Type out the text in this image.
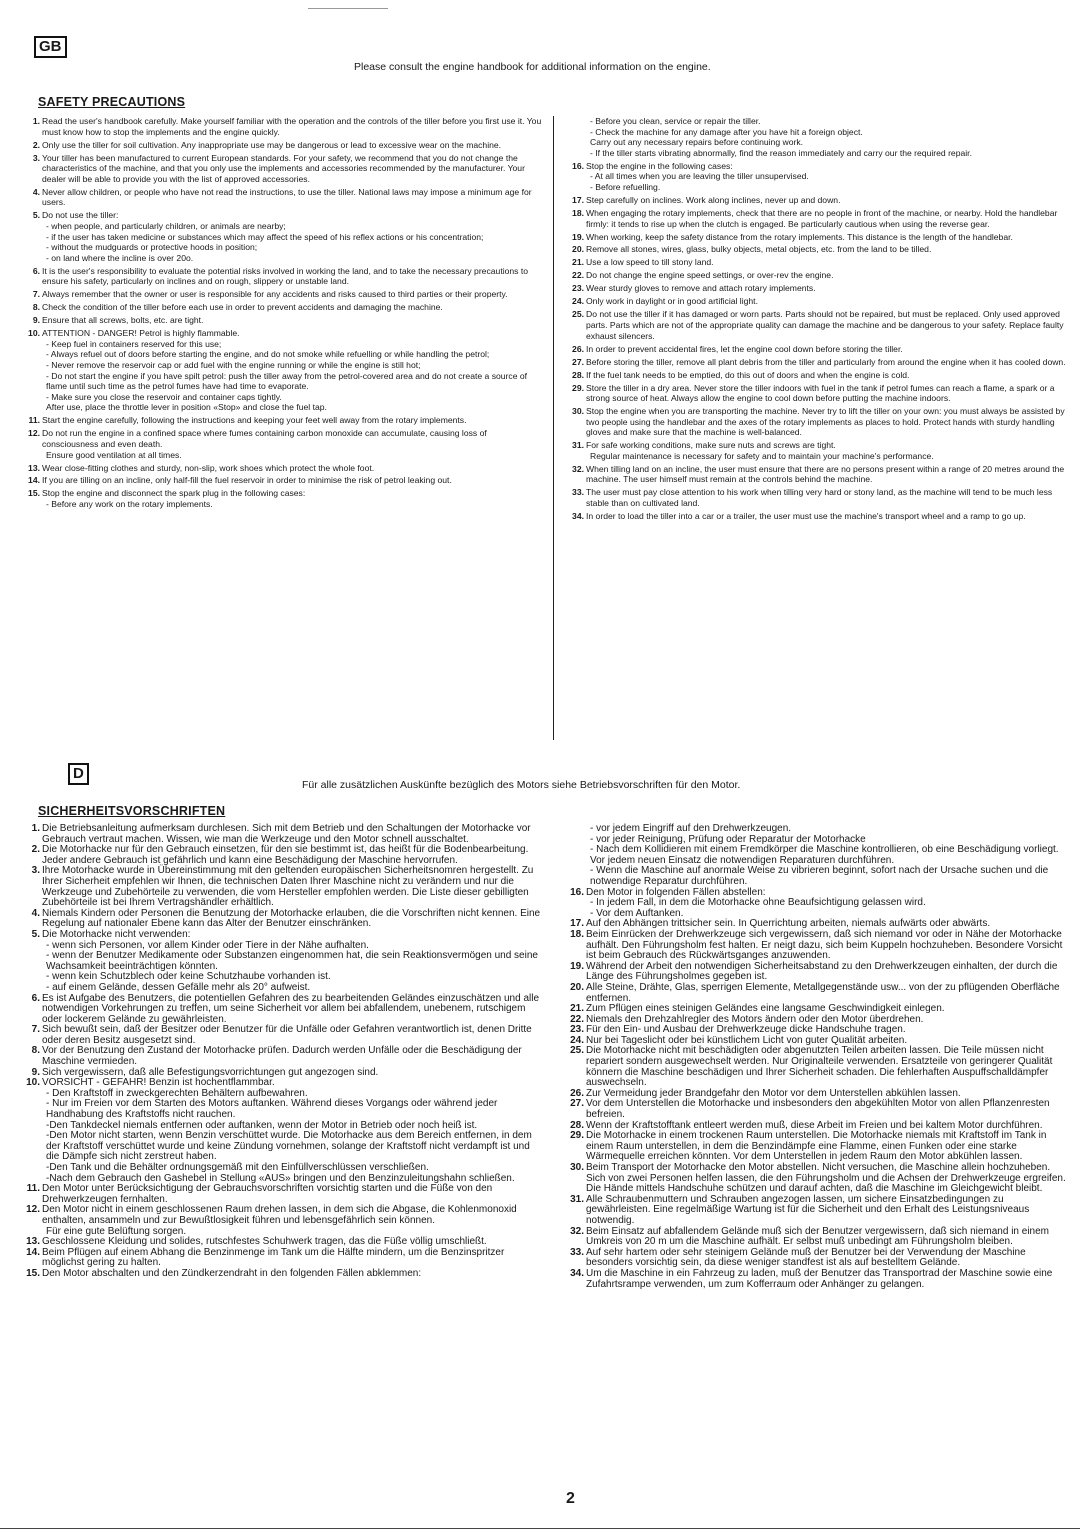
GB
Please consult the engine handbook for additional information on the engine.
SAFETY PRECAUTIONS
1. Read the user's handbook carefully. Make yourself familiar with the operation and the controls of the tiller before you first use it. You must know how to stop the implements and the engine quickly.
2. Only use the tiller for soil cultivation. Any inappropriate use may be dangerous or lead to excessive wear on the machine.
3. Your tiller has been manufactured to current European standards. For your safety, we recommend that you do not change the characteristics of the machine, and that you only use the implements and accessories recommended by the manufacturer. Your dealer will be able to provide you with the list of approved accessories.
4. Never allow children, or people who have not read the instructions, to use the tiller. National laws may impose a minimum age for users.
5. Do not use the tiller:
- when people, and particularly children, or animals are nearby;
- if the user has taken medicine or substances which may affect the speed of his reflex actions or his concentration;
- without the mudguards or protective hoods in position;
- on land where the incline is over 20o.
6. It is the user's responsibility to evaluate the potential risks involved in working the land, and to take the necessary precautions to ensure his safety, particularly on inclines and on rough, slippery or unstable land.
7. Always remember that the owner or user is responsible for any accidents and risks caused to third parties or their property.
8. Check the condition of the tiller before each use in order to prevent accidents and damaging the machine.
9. Ensure that all screws, bolts, etc. are tight.
10. ATTENTION - DANGER! Petrol is highly flammable.
- Keep fuel in containers reserved for this use;
- Always refuel out of doors before starting the engine, and do not smoke while refuelling or while handling the petrol;
- Never remove the reservoir cap or add fuel with the engine running or while the engine is still hot;
- Do not start the engine if you have spilt petrol: push the tiller away from the petrol-covered area and do not create a source of flame until such time as the petrol fumes have had time to evaporate.
- Make sure you close the reservoir and container caps tightly.
After use, place the throttle lever in position «Stop» and close the fuel tap.
11. Start the engine carefully, following the instructions and keeping your feet well away from the rotary implements.
12. Do not run the engine in a confined space where fumes containing carbon monoxide can accumulate, causing loss of consciousness and even death.
Ensure good ventilation at all times.
13. Wear close-fitting clothes and sturdy, non-slip, work shoes which protect the whole foot.
14. If you are tilling on an incline, only half-fill the fuel reservoir in order to minimise the risk of petrol leaking out.
15. Stop the engine and disconnect the spark plug in the following cases:
- Before any work on the rotary implements.
- Before you clean, service or repair the tiller.
- Check the machine for any damage after you have hit a foreign object.
Carry out any necessary repairs before continuing work.
- If the tiller starts vibrating abnormally, find the reason immediately and carry our the required repair.
16. Stop the engine in the following cases:
- At all times when you are leaving the tiller unsupervised.
- Before refuelling.
17. Step carefully on inclines. Work along inclines, never up and down.
18. When engaging the rotary implements, check that there are no people in front of the machine, or nearby. Hold the handlebar firmly: it tends to rise up when the clutch is engaged. Be particularly cautious when using the reverse gear.
19. When working, keep the safety distance from the rotary implements. This distance is the length of the handlebar.
20. Remove all stones, wires, glass, bulky objects, metal objects, etc. from the land to be tilled.
21. Use a low speed to till stony land.
22. Do not change the engine speed settings, or over-rev the engine.
23. Wear sturdy gloves to remove and attach rotary implements.
24. Only work in daylight or in good artificial light.
25. Do not use the tiller if it has damaged or worn parts. Parts should not be repaired, but must be replaced. Only used approved parts. Parts which are not of the appropriate quality can damage the machine and be dangerous to your safety. Replace faulty exhaust silencers.
26. In order to prevent accidental fires, let the engine cool down before storing the tiller.
27. Before storing the tiller, remove all plant debris from the tiller and particularly from around the engine when it has cooled down.
28. If the fuel tank needs to be emptied, do this out of doors and when the engine is cold.
29. Store the tiller in a dry area. Never store the tiller indoors with fuel in the tank if petrol fumes can reach a flame, a spark or a strong source of heat. Always allow the engine to cool down before putting the machine indoors.
30. Stop the engine when you are transporting the machine. Never try to lift the tiller on your own: you must always be assisted by two people using the handlebar and the axes of the rotary implements as places to hold. Protect hands with sturdy handling gloves and make sure that the machine is well-balanced.
31. For safe working conditions, make sure nuts and screws are tight.
Regular maintenance is necessary for safety and to maintain your machine's performance.
32. When tilling land on an incline, the user must ensure that there are no persons present within a range of 20 metres around the machine. The user himself must remain at the controls behind the machine.
33. The user must pay close attention to his work when tilling very hard or stony land, as the machine will tend to be much less stable than on cultivated land.
34. In order to load the tiller into a car or a trailer, the user must use the machine's transport wheel and a ramp to go up.
D
Für alle zusätzlichen Auskünfte bezüglich des Motors siehe Betriebsvorschriften für den Motor.
SICHERHEITSVORSCHRIFTEN
1. Die Betriebsanleitung aufmerksam durchlesen. Sich mit dem Betrieb und den Schaltungen der Motorhacke vor Gebrauch vertraut machen. Wissen, wie man die Werkzeuge und den Motor schnell ausschaltet.
2. Die Motorhacke nur für den Gebrauch einsetzen, für den sie bestimmt ist, das heißt für die Bodenbearbeitung. Jeder andere Gebrauch ist gefährlich und kann eine Beschädigung der Maschine hervorrufen.
3. Ihre Motorhacke wurde in Übereinstimmung mit den geltenden europäischen Sicherheitsnomren hergestellt. Zu Ihrer Sicherheit empfehlen wir Ihnen, die technischen Daten Ihrer Maschine nicht zu verändern und nur die Werkzeuge und Zubehörteile zu verwenden, die vom Hersteller empfohlen werden. Die Liste dieser gebilligten Zubehörteile ist bei Ihrem Vertragshändler erhältlich.
4. Niemals Kindern oder Personen die Benutzung der Motorhacke erlauben, die die Vorschriften nicht kennen. Eine Regelung auf nationaler Ebene kann das Alter der Benutzer einschränken.
5. Die Motorhacke nicht verwenden:
- wenn sich Personen, vor allem Kinder oder Tiere in der Nähe aufhalten.
- wenn der Benutzer Medikamente oder Substanzen eingenommen hat, die sein Reaktionsvermögen und seine Wachsamkeit beeinträchtigen könnten.
- wenn kein Schutzblech oder keine Schutzhaube vorhanden ist.
- auf einem Gelände, dessen Gefälle mehr als 20° aufweist.
6. Es ist Aufgabe des Benutzers, die potentiellen Gefahren des zu bearbeitenden Geländes einzuschätzen und alle notwendigen Vorkehrungen zu treffen, um seine Sicherheit vor allem bei abfallendem, unebenem, rutschigem oder lockerem Gelände zu gewährleisten.
7. Sich bewußt sein, daß der Besitzer oder Benutzer für die Unfälle oder Gefahren verantwortlich ist, denen Dritte oder deren Besitz ausgesetzt sind.
8. Vor der Benutzung den Zustand der Motorhacke prüfen. Dadurch werden Unfälle oder die Beschädigung der Maschine vermieden.
9. Sich vergewissern, daß alle Befestigungsvorrichtungen gut angezogen sind.
10. VORSICHT - GEFAHR! Benzin ist hochentflammbar.
- Den Kraftstoff in zweckgerechten Behältern aufbewahren.
- Nur im Freien vor dem Starten des Motors auftanken. Während dieses Vorgangs oder während jeder Handhabung des Kraftstoffs nicht rauchen.
-Den Tankdeckel niemals entfernen oder auftanken, wenn der Motor in Betrieb oder noch heiß ist.
-Den Motor nicht starten, wenn Benzin verschüttet wurde. Die Motorhacke aus dem Bereich entfernen, in dem der Kraftstoff verschüttet wurde und keine Zündung vornehmen, solange der Kraftstoff nicht verdampft ist und die Dämpfe sich nicht zerstreut haben.
-Den Tank und die Behälter ordnungsgemäß mit den Einfüllverschlüssen verschließen.
-Nach dem Gebrauch den Gashebel in Stellung «AUS» bringen und den Benzinzuleitungshahn schließen.
11. Den Motor unter Berücksichtigung der Gebrauchsvorschriften vorsichtig starten und die Füße von den Drehwerkzeugen fernhalten.
12. Den Motor nicht in einem geschlossenen Raum drehen lassen, in dem sich die Abgase, die Kohlenmonoxid enthalten, ansammeln und zur Bewußtlosigkeit führen und lebensgefährlich sein können.
Für eine gute Belüftung sorgen.
13. Geschlossene Kleidung und solides, rutschfestes Schuhwerk tragen, das die Füße völlig umschließt.
14. Beim Pflügen auf einem Abhang die Benzinmenge im Tank um die Hälfte mindern, um die Benzinspritzer möglichst gering zu halten.
15. Den Motor abschalten und den Zündkerzendraht in den folgenden Fällen abklemmen:
- vor jedem Eingriff auf den Drehwerkzeugen.
- vor jeder Reinigung, Prüfung oder Reparatur der Motorhacke
- Nach dem Kollidieren mit einem Fremdkörper die Maschine kontrollieren, ob eine Beschädigung vorliegt. Vor jedem neuen Einsatz die notwendigen Reparaturen durchführen.
- Wenn die Maschine auf anormale Weise zu vibrieren beginnt, sofort nach der Ursache suchen und die notwendige Reparatur durchführen.
16. Den Motor in folgenden Fällen abstellen:
- In jedem Fall, in dem die Motorhacke ohne Beaufsichtigung gelassen wird.
- Vor dem Auftanken.
17. Auf den Abhängen trittsicher sein. In Querrichtung arbeiten, niemals aufwärts oder abwärts.
18. Beim Einrücken der Drehwerkzeuge sich vergewissern, daß sich niemand vor oder in Nähe der Motorhacke aufhält. Den Führungsholm fest halten. Er neigt dazu, sich beim Kuppeln hochzuheben. Besondere Vorsicht ist beim Gebrauch des Rückwärtsganges anzuwenden.
19. Während der Arbeit den notwendigen Sicherheitsabstand zu den Drehwerkzeugen einhalten, der durch die Länge des Führungsholmes gegeben ist.
20. Alle Steine, Drähte, Glas, sperrigen Elemente, Metallgegenstände usw... von der zu pflügenden Oberfläche entfernen.
21. Zum Pflügen eines steinigen Geländes eine langsame Geschwindigkeit einlegen.
22. Niemals den Drehzahlregler des Motors ändern oder den Motor überdrehen.
23. Für den Ein- und Ausbau der Drehwerkzeuge dicke Handschuhe tragen.
24. Nur bei Tageslicht oder bei künstlichem Licht von guter Qualität arbeiten.
25. Die Motorhacke nicht mit beschädigten oder abgenutzten Teilen arbeiten lassen. Die Teile müssen nicht repariert sondern ausgewechselt werden. Nur Originalteile verwenden. Ersatzteile von geringerer Qualität könnern die Maschine beschädigen und Ihrer Sicherheit schaden. Die fehlerhaften Auspuffschalldämpfer auswechseln.
26. Zur Vermeidung jeder Brandgefahr den Motor vor dem Unterstellen abkühlen lassen.
27. Vor dem Unterstellen die Motorhacke und insbesonders den abgekühlten Motor von allen Pflanzenresten befreien.
28. Wenn der Kraftstofftank entleert werden muß, diese Arbeit im Freien und bei kaltem Motor durchführen.
29. Die Motorhacke in einem trockenen Raum unterstellen. Die Motorhacke niemals mit Kraftstoff im Tank in einem Raum unterstellen, in dem die Benzindämpfe eine Flamme, einen Funken oder eine starke Wärmequelle erreichen könnten. Vor dem Unterstellen in jedem Raum den Motor abkühlen lassen.
30. Beim Transport der Motorhacke den Motor abstellen. Nicht versuchen, die Maschine allein hochzuheben. Sich von zwei Personen helfen lassen, die den Führungsholm und die Achsen der Drehwerkzeuge ergreifen. Die Hände mittels Handschuhe schützen und darauf achten, daß die Maschine im Gleichgewicht bleibt.
31. Alle Schraubenmuttern und Schrauben angezogen lassen, um sichere Einsatzbedingungen zu gewährleisten. Eine regelmäßige Wartung ist für die Sicherheit und den Erhalt des Leistungsniveaus notwendig.
32. Beim Einsatz auf abfallendem Gelände muß sich der Benutzer vergewissern, daß sich niemand in einem Umkreis von 20 m um die Maschine aufhält. Er selbst muß unbedingt am Führungsholm bleiben.
33. Auf sehr hartem oder sehr steinigem Gelände muß der Benutzer bei der Verwendung der Maschine besonders vorsichtig sein, da diese weniger standfest ist als auf bestelltem Gelände.
34. Um die Maschine in ein Fahrzeug zu laden, muß der Benutzer das Transportrad der Maschine sowie eine Zufahrtsrampe verwenden, um zum Kofferraum oder Anhänger zu gelangen.
2
